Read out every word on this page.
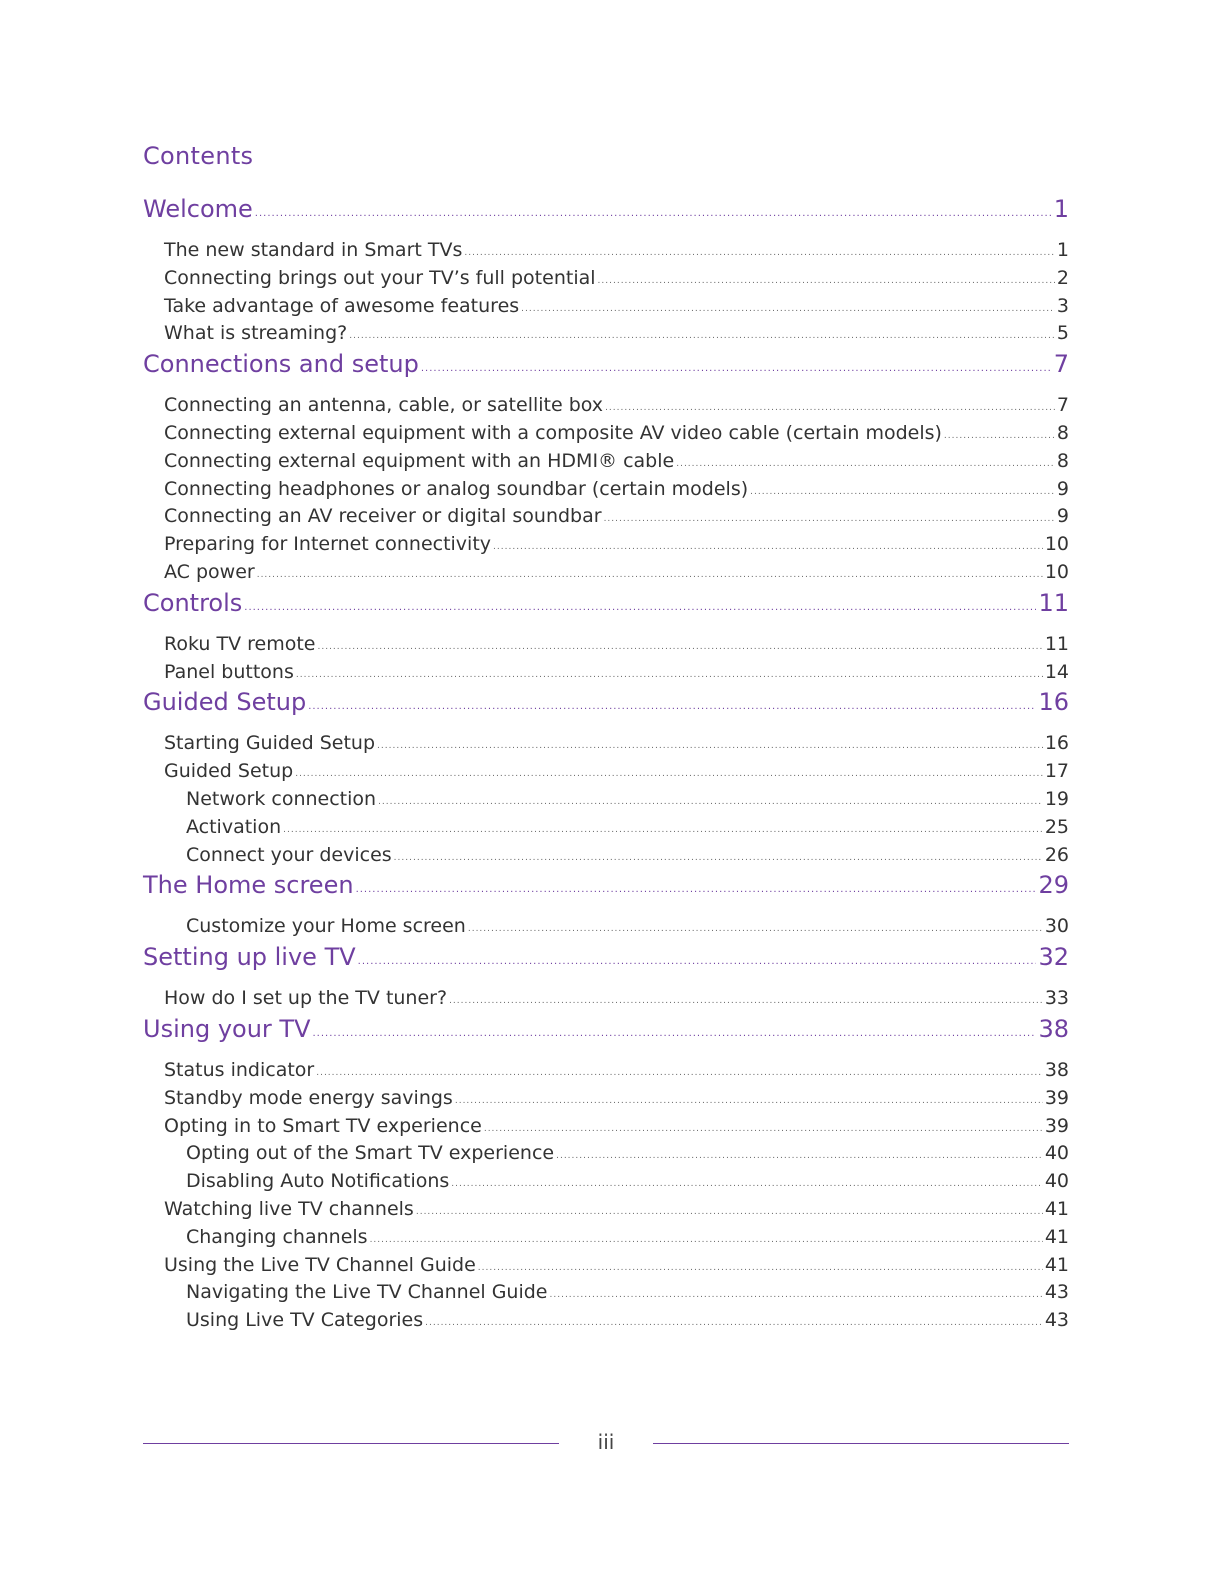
Contents
Welcome .....	1
The new standard in Smart TVs .....	1
Connecting brings out your TV’s full potential .....	2
Take advantage of awesome features .....	3
What is streaming? .....	5
Connections and setup .....	7
Connecting an antenna, cable, or satellite box .....	7
Connecting external equipment with a composite AV video cable (certain models) .....	8
Connecting external equipment with an HDMI® cable .....	8
Connecting headphones or analog soundbar (certain models) .....	9
Connecting an AV receiver or digital soundbar .....	9
Preparing for Internet connectivity .....	10
AC power .....	10
Controls .....	11
Roku TV remote .....	11
Panel buttons .....	14
Guided Setup .....	16
Starting Guided Setup .....	16
Guided Setup .....	17
Network connection .....	19
Activation .....	25
Connect your devices .....	26
The Home screen .....	29
Customize your Home screen .....	30
Setting up live TV .....	32
How do I set up the TV tuner? .....	33
Using your TV .....	38
Status indicator .....	38
Standby mode energy savings .....	39
Opting in to Smart TV experience .....	39
Opting out of the Smart TV experience .....	40
Disabling Auto Notifications .....	40
Watching live TV channels .....	41
Changing channels .....	41
Using the Live TV Channel Guide .....	41
Navigating the Live TV Channel Guide .....	43
Using Live TV Categories .....	43
iii
